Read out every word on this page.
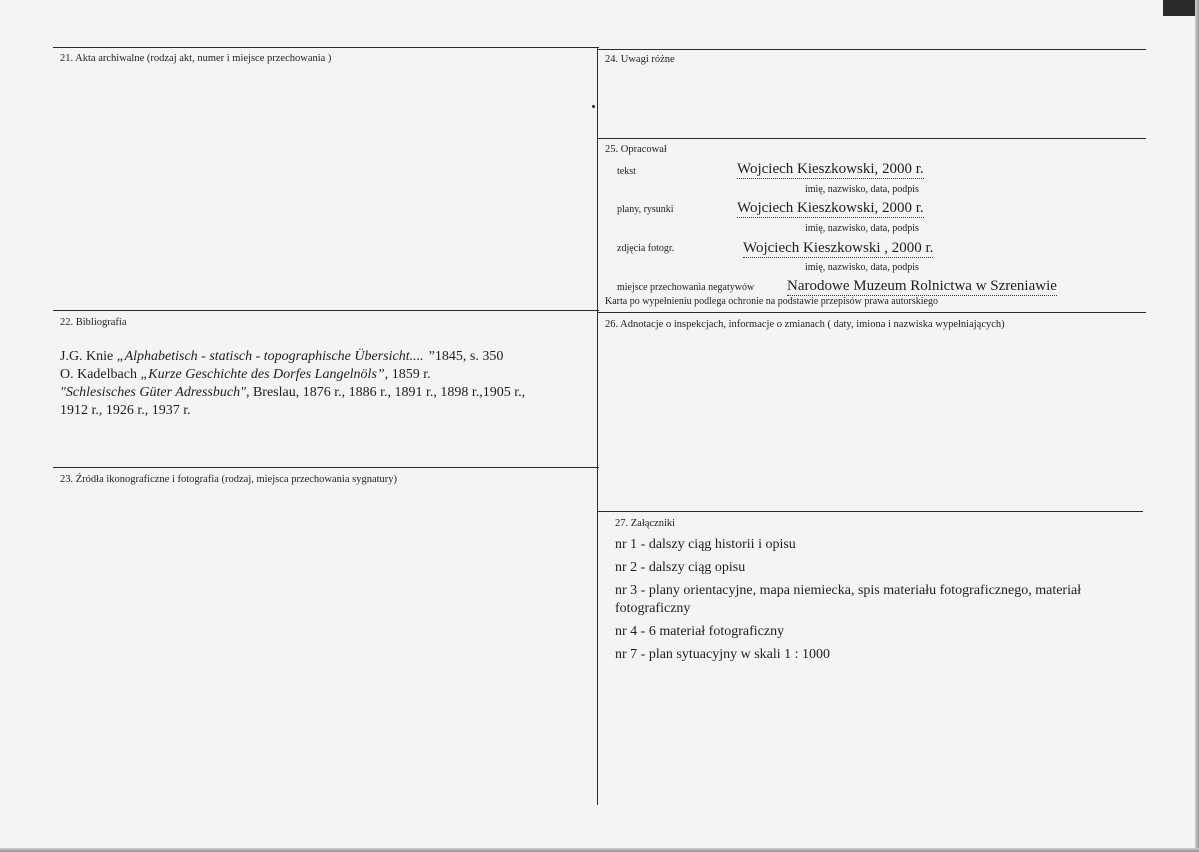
21. Akta archiwalne (rodzaj akt, numer i miejsce przechowania )
22. Bibliografia
J.G. Knie „Alphabetisch - statisch - topographische Übersicht.... ”1845, s. 350
O. Kadelbach „Kurze Geschichte des Dorfes Langelnöls”, 1859 r.
"Schlesisches Güter Adressbuch", Breslau, 1876 r., 1886 r., 1891 r., 1898 r.,1905 r.,
1912 r., 1926 r., 1937 r.
23. Źródła ikonograficzne i fotografia (rodzaj, miejsca przechowania sygnatury)
24. Uwagi różne
25. Opracował
tekst	Wojciech Kieszkowski, 2000 r.
imię, nazwisko, data, podpis
plany, rysunki	Wojciech Kieszkowski, 2000 r.
imię, nazwisko, data, podpis
zdjęcia fotogr.	Wojciech Kieszkowski , 2000 r.
imię, nazwisko, data, podpis
miejsce przechowania negatywów Narodowe Muzeum Rolnictwa w Szreniawie
Karta po wypełnieniu podlega ochronie na podstawie przepisów prawa autorskiego
26. Adnotacje o inspekcjach, informacje o zmianach ( daty, imiona i nazwiska wypełniających)
27. Załączniki
nr 1 - dalszy ciąg historii i opisu
nr 2 - dalszy ciąg opisu
nr 3 - plany orientacyjne, mapa niemiecka, spis materiału fotograficznego, materiał fotograficzny
nr 4 - 6 materiał fotograficzny
nr 7 - plan sytuacyjny w skali 1 : 1000
